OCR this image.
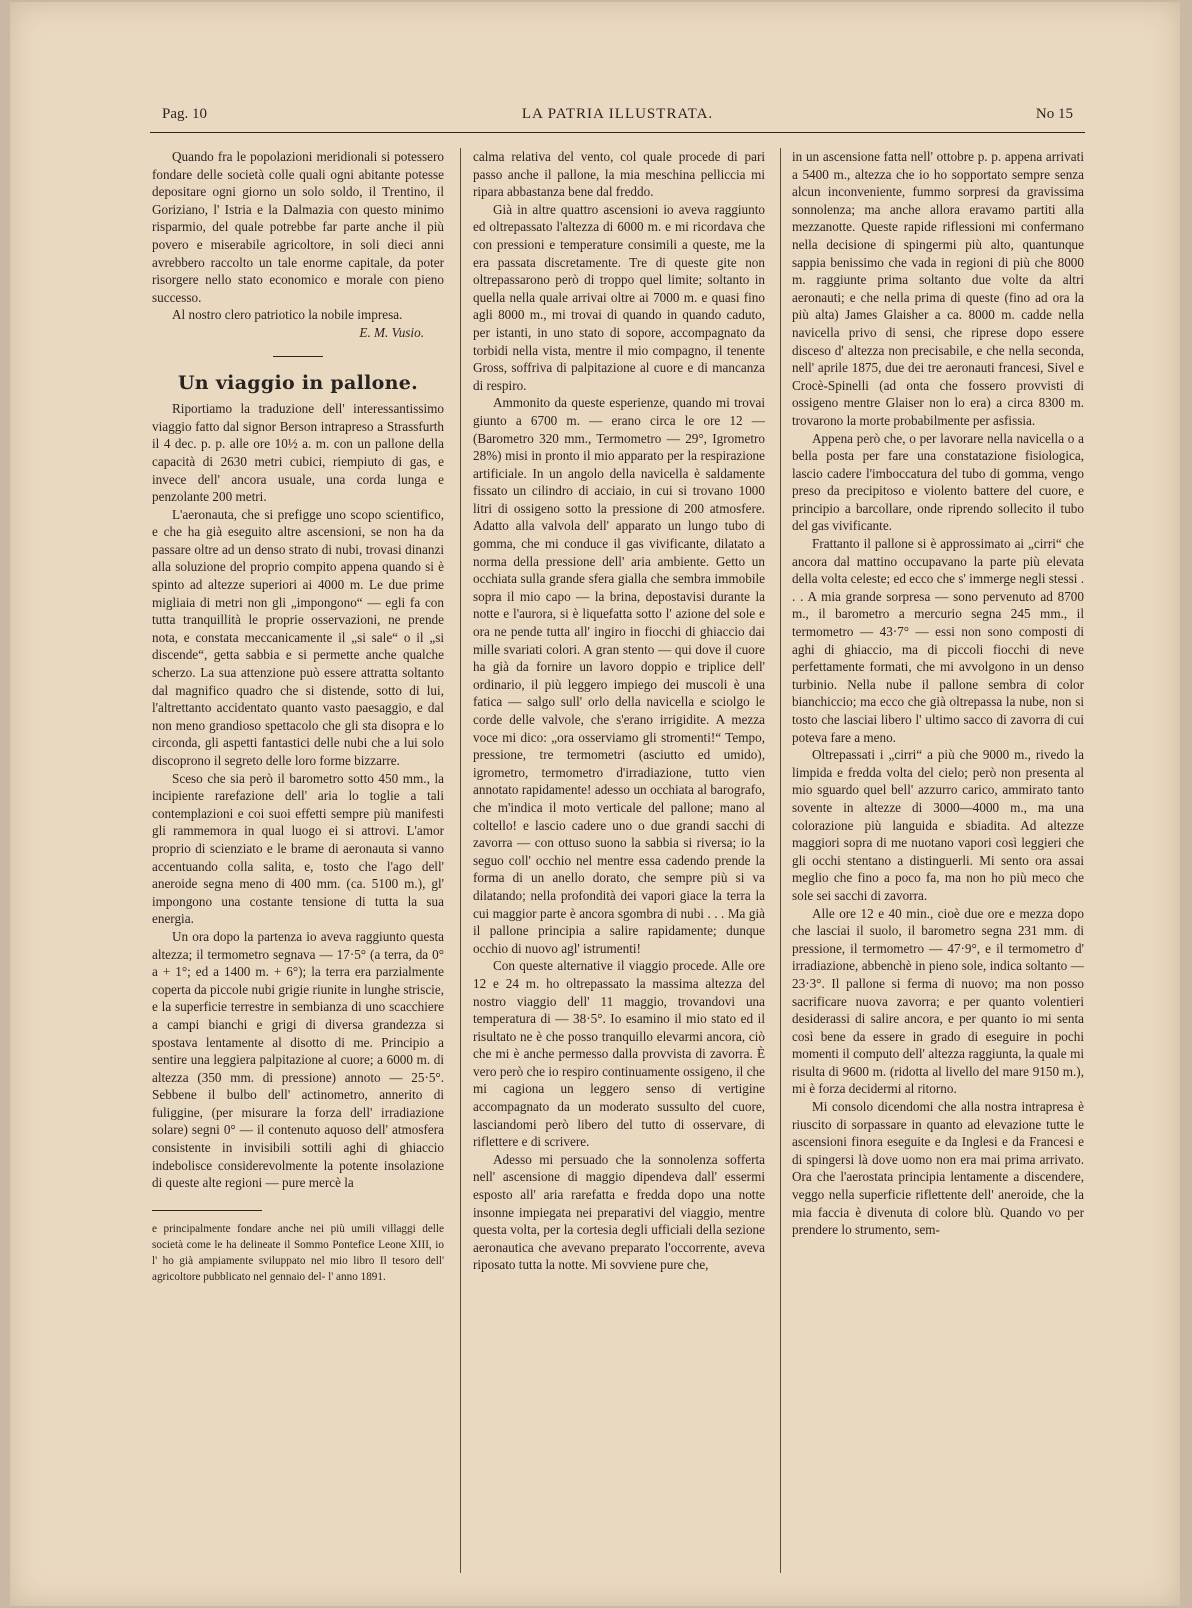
Pag. 10	LA PATRIA ILLUSTRATA.	No 15

Quando fra le popolazioni meridionali si potessero fondare delle società colle quali ogni abitante potesse depositare ogni giorno un solo soldo, il Trentino, il Goriziano, l' Istria e la Dalmazia con questo minimo risparmio, del quale potrebbe far parte anche il più povero e miserabile agricoltore, in soli dieci anni avrebbero raccolto un tale enorme capitale, da poter risorgere nello stato economico e morale con pieno successo.

Al nostro clero patriotico la nobile impresa.

E. M. Vusio.

Un viaggio in pallone.

Riportiamo la traduzione dell' interessantissimo viaggio fatto dal signor Berson intrapreso a Strassfurth il 4 dec. p. p. alle ore 10½ a. m. con un pallone della capacità di 2630 metri cubici, riempiuto di gas, e invece dell' ancora usuale, una corda lunga e penzolante 200 metri.

L'aeronauta, che si prefigge uno scopo scientifico, e che ha già eseguito altre ascensioni, se non ha da passare oltre ad un denso strato di nubi, trovasi dinanzi alla soluzione del proprio compito appena quando si è spinto ad altezze superiori ai 4000 m. Le due prime migliaia di metri non gli „impongono“ — egli fa con tutta tranquillità le proprie osservazioni, ne prende nota, e constata meccanicamente il „si sale“ o il „si discende“, getta sabbia e si permette anche qualche scherzo. La sua attenzione può essere attratta soltanto dal magnifico quadro che si distende, sotto di lui, l'altrettanto accidentato quanto vasto paesaggio, e dal non meno grandioso spettacolo che gli sta disopra e lo circonda, gli aspetti fantastici delle nubi che a lui solo discoprono il segreto delle loro forme bizzarre.

Sceso che sia però il barometro sotto 450 mm., la incipiente rarefazione dell' aria lo toglie a tali contemplazioni e coi suoi effetti sempre più manifesti gli rammemora in qual luogo ei si attrovi. L'amor proprio di scienziato e le brame di aeronauta si vanno accentuando colla salita, e, tosto che l'ago dell' aneroide segna meno di 400 mm. (ca. 5100 m.), gl' impongono una costante tensione di tutta la sua energia.

Un ora dopo la partenza io aveva raggiunto questa altezza; il termometro segnava — 17·5° (a terra, da 0° a + 1°; ed a 1400 m. + 6°); la terra era parzialmente coperta da piccole nubi grigie riunite in lunghe striscie, e la superficie terrestre in sembianza di uno scacchiere a campi bianchi e grigi di diversa grandezza si spostava lentamente al disotto di me. Principio a sentire una leggiera palpitazione al cuore; a 6000 m. di altezza (350 mm. di pressione) annoto — 25·5°. Sebbene il bulbo dell' actinometro, annerito di fuliggine, (per misurare la forza dell' irradiazione solare) segni 0° — il contenuto aquoso dell' atmosfera consistente in invisibili sottili aghi di ghiaccio indebolisce considerevolmente la potente insolazione di queste alte regioni — pure mercè la

e principalmente fondare anche nei più umili villaggi delle società come le ha delineate il Sommo Pontefice Leone XIII, io l' ho già ampiamente sviluppato nel mio libro Il tesoro dell' agricoltore pubblicato nel gennaio del- l' anno 1891.

calma relativa del vento, col quale procede di pari passo anche il pallone, la mia meschina pelliccia mi ripara abbastanza bene dal freddo.

Già in altre quattro ascensioni io aveva raggiunto ed oltrepassato l'altezza di 6000 m. e mi ricordava che con pressioni e temperature consimili a queste, me la era passata discretamente. Tre di queste gite non oltrepassarono però di troppo quel limite; soltanto in quella nella quale arrivai oltre ai 7000 m. e quasi fino agli 8000 m., mi trovai di quando in quando caduto, per istanti, in uno stato di sopore, accompagnato da torbidi nella vista, mentre il mio compagno, il tenente Gross, soffriva di palpitazione al cuore e di mancanza di respiro.

Ammonito da queste esperienze, quando mi trovai giunto a 6700 m. — erano circa le ore 12 — (Barometro 320 mm., Termometro — 29°, Igrometro 28%) misi in pronto il mio apparato per la respirazione artificiale. In un angolo della navicella è saldamente fissato un cilindro di acciaio, in cui si trovano 1000 litri di ossigeno sotto la pressione di 200 atmosfere. Adatto alla valvola dell' apparato un lungo tubo di gomma, che mi conduce il gas vivificante, dilatato a norma della pressione dell' aria ambiente. Getto un occhiata sulla grande sfera gialla che sembra immobile sopra il mio capo — la brina, depostavisi durante la notte e l'aurora, si è liquefatta sotto l' azione del sole e ora ne pende tutta all' ingiro in fiocchi di ghiaccio dai mille svariati colori. A gran stento — qui dove il cuore ha già da fornire un lavoro doppio e triplice dell' ordinario, il più leggero impiego dei muscoli è una fatica — salgo sull' orlo della navicella e sciolgo le corde delle valvole, che s'erano irrigidite. A mezza voce mi dico: „ora osserviamo gli stromenti!“ Tempo, pressione, tre termometri (asciutto ed umido), igrometro, termometro d'irradiazione, tutto vien annotato rapidamente! adesso un occhiata al barografo, che m'indica il moto verticale del pallone; mano al coltello! e lascio cadere uno o due grandi sacchi di zavorra — con ottuso suono la sabbia si riversa; io la seguo coll' occhio nel mentre essa cadendo prende la forma di un anello dorato, che sempre più si va dilatando; nella profondità dei vapori giace la terra la cui maggior parte è ancora sgombra di nubi . . . Ma già il pallone principia a salire rapidamente; dunque occhio di nuovo agl' istrumenti!

Con queste alternative il viaggio procede. Alle ore 12 e 24 m. ho oltrepassato la massima altezza del nostro viaggio dell' 11 maggio, trovandovi una temperatura di — 38·5°. Io esamino il mio stato ed il risultato ne è che posso tranquillo elevarmi ancora, ciò che mi è anche permesso dalla provvista di zavorra. È vero però che io respiro continuamente ossigeno, il che mi cagiona un leggero senso di vertigine accompagnato da un moderato sussulto del cuore, lasciandomi però libero del tutto di osservare, di riflettere e di scrivere.

Adesso mi persuado che la sonnolenza sofferta nell' ascensione di maggio dipendeva dall' essermi esposto all' aria rarefatta e fredda dopo una notte insonne impiegata nei preparativi del viaggio, mentre questa volta, per la cortesia degli ufficiali della sezione aeronautica che avevano preparato l'occorrente, aveva riposato tutta la notte. Mi sovviene pure che,

in un ascensione fatta nell' ottobre p. p. appena arrivati a 5400 m., altezza che io ho sopportato sempre senza alcun inconveniente, fummo sorpresi da gravissima sonnolenza; ma anche allora eravamo partiti alla mezzanotte. Queste rapide riflessioni mi confermano nella decisione di spingermi più alto, quantunque sappia benissimo che vada in regioni di più che 8000 m. raggiunte prima soltanto due volte da altri aeronauti; e che nella prima di queste (fino ad ora la più alta) James Glaisher a ca. 8000 m. cadde nella navicella privo di sensi, che riprese dopo essere disceso d' altezza non precisabile, e che nella seconda, nell' aprile 1875, due dei tre aeronauti francesi, Sivel e Crocè-Spinelli (ad onta che fossero provvisti di ossigeno mentre Glaiser non lo era) a circa 8300 m. trovarono la morte probabilmente per asfissia.

Appena però che, o per lavorare nella navicella o a bella posta per fare una constatazione fisiologica, lascio cadere l'imboccatura del tubo di gomma, vengo preso da precipitoso e violento battere del cuore, e principio a barcollare, onde riprendo sollecito il tubo del gas vivificante.

Frattanto il pallone si è approssimato ai „cirri“ che ancora dal mattino occupavano la parte più elevata della volta celeste; ed ecco che s' immerge negli stessi . . . A mia grande sorpresa — sono pervenuto ad 8700 m., il barometro a mercurio segna 245 mm., il termometro — 43·7° — essi non sono composti di aghi di ghiaccio, ma di piccoli fiocchi di neve perfettamente formati, che mi avvolgono in un denso turbinio. Nella nube il pallone sembra di color bianchiccio; ma ecco che già oltrepassa la nube, non si tosto che lasciai libero l' ultimo sacco di zavorra di cui poteva fare a meno.

Oltrepassati i „cirri“ a più che 9000 m., rivedo la limpida e fredda volta del cielo; però non presenta al mio sguardo quel bell' azzurro carico, ammirato tanto sovente in altezze di 3000—4000 m., ma una colorazione più languida e sbiadita. Ad altezze maggiori sopra di me nuotano vapori così leggieri che gli occhi stentano a distinguerli. Mi sento ora assai meglio che fino a poco fa, ma non ho più meco che sole sei sacchi di zavorra.

Alle ore 12 e 40 min., cioè due ore e mezza dopo che lasciai il suolo, il barometro segna 231 mm. di pressione, il termometro — 47·9°, e il termometro d' irradiazione, abbenchè in pieno sole, indica soltanto — 23·3°. Il pallone si ferma di nuovo; ma non posso sacrificare nuova zavorra; e per quanto volentieri desiderassi di salire ancora, e per quanto io mi senta così bene da essere in grado di eseguire in pochi momenti il computo dell' altezza raggiunta, la quale mi risulta di 9600 m. (ridotta al livello del mare 9150 m.), mi è forza decidermi al ritorno.

Mi consolo dicendomi che alla nostra intrapresa è riuscito di sorpassare in quanto ad elevazione tutte le ascensioni finora eseguite e da Inglesi e da Francesi e di spingersi là dove uomo non era mai prima arrivato. Ora che l'aerostata principia lentamente a discendere, veggo nella superficie riflettente dell' aneroide, che la mia faccia è divenuta di colore blù. Quando vo per prendere lo strumento, sem-
